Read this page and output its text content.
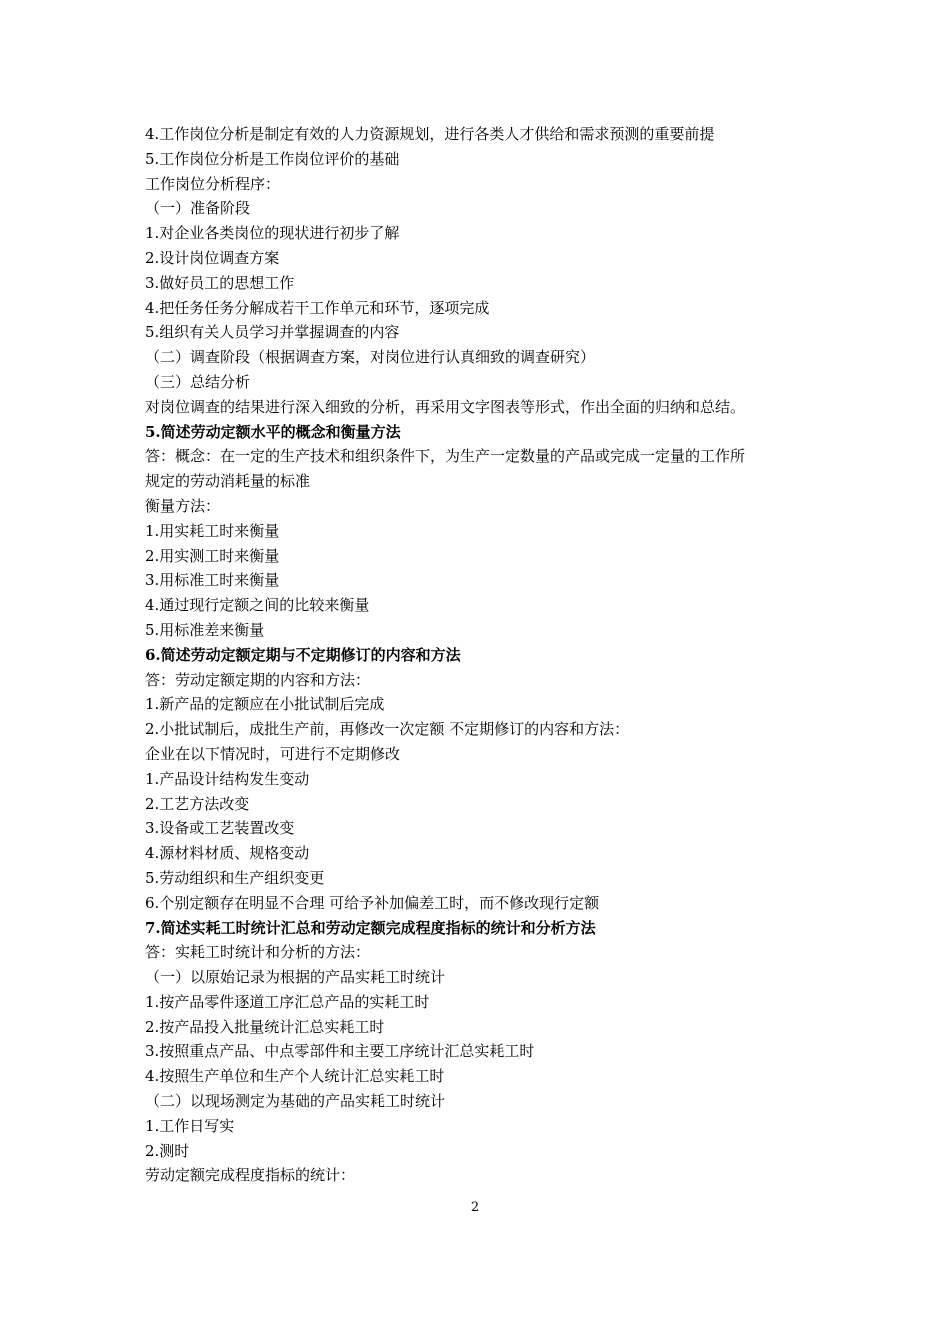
4.工作岗位分析是制定有效的人力资源规划，进行各类人才供给和需求预测的重要前提
5.工作岗位分析是工作岗位评价的基础
工作岗位分析程序：
（一）准备阶段
1.对企业各类岗位的现状进行初步了解
2.设计岗位调查方案
3.做好员工的思想工作
4.把任务任务分解成若干工作单元和环节，逐项完成
5.组织有关人员学习并掌握调查的内容
（二）调查阶段（根据调查方案，对岗位进行认真细致的调查研究）
（三）总结分析
对岗位调查的结果进行深入细致的分析，再采用文字图表等形式，作出全面的归纳和总结。
5.简述劳动定额水平的概念和衡量方法
答：概念：在一定的生产技术和组织条件下，为生产一定数量的产品或完成一定量的工作所
规定的劳动消耗量的标准
衡量方法：
1.用实耗工时来衡量
2.用实测工时来衡量
3.用标准工时来衡量
4.通过现行定额之间的比较来衡量
5.用标准差来衡量
6.简述劳动定额定期与不定期修订的内容和方法
答：劳动定额定期的内容和方法：
1.新产品的定额应在小批试制后完成
2.小批试制后，成批生产前，再修改一次定额 不定期修订的内容和方法：
企业在以下情况时，可进行不定期修改
1.产品设计结构发生变动
2.工艺方法改变
3.设备或工艺装置改变
4.源材料材质、规格变动
5.劳动组织和生产组织变更
6.个别定额存在明显不合理 可给予补加偏差工时，而不修改现行定额
7.简述实耗工时统计汇总和劳动定额完成程度指标的统计和分析方法
答：实耗工时统计和分析的方法：
（一）以原始记录为根据的产品实耗工时统计
1.按产品零件逐道工序汇总产品的实耗工时
2.按产品投入批量统计汇总实耗工时
3.按照重点产品、中点零部件和主要工序统计汇总实耗工时
4.按照生产单位和生产个人统计汇总实耗工时
（二）以现场测定为基础的产品实耗工时统计
1.工作日写实
2.测时
劳动定额完成程度指标的统计：
2
